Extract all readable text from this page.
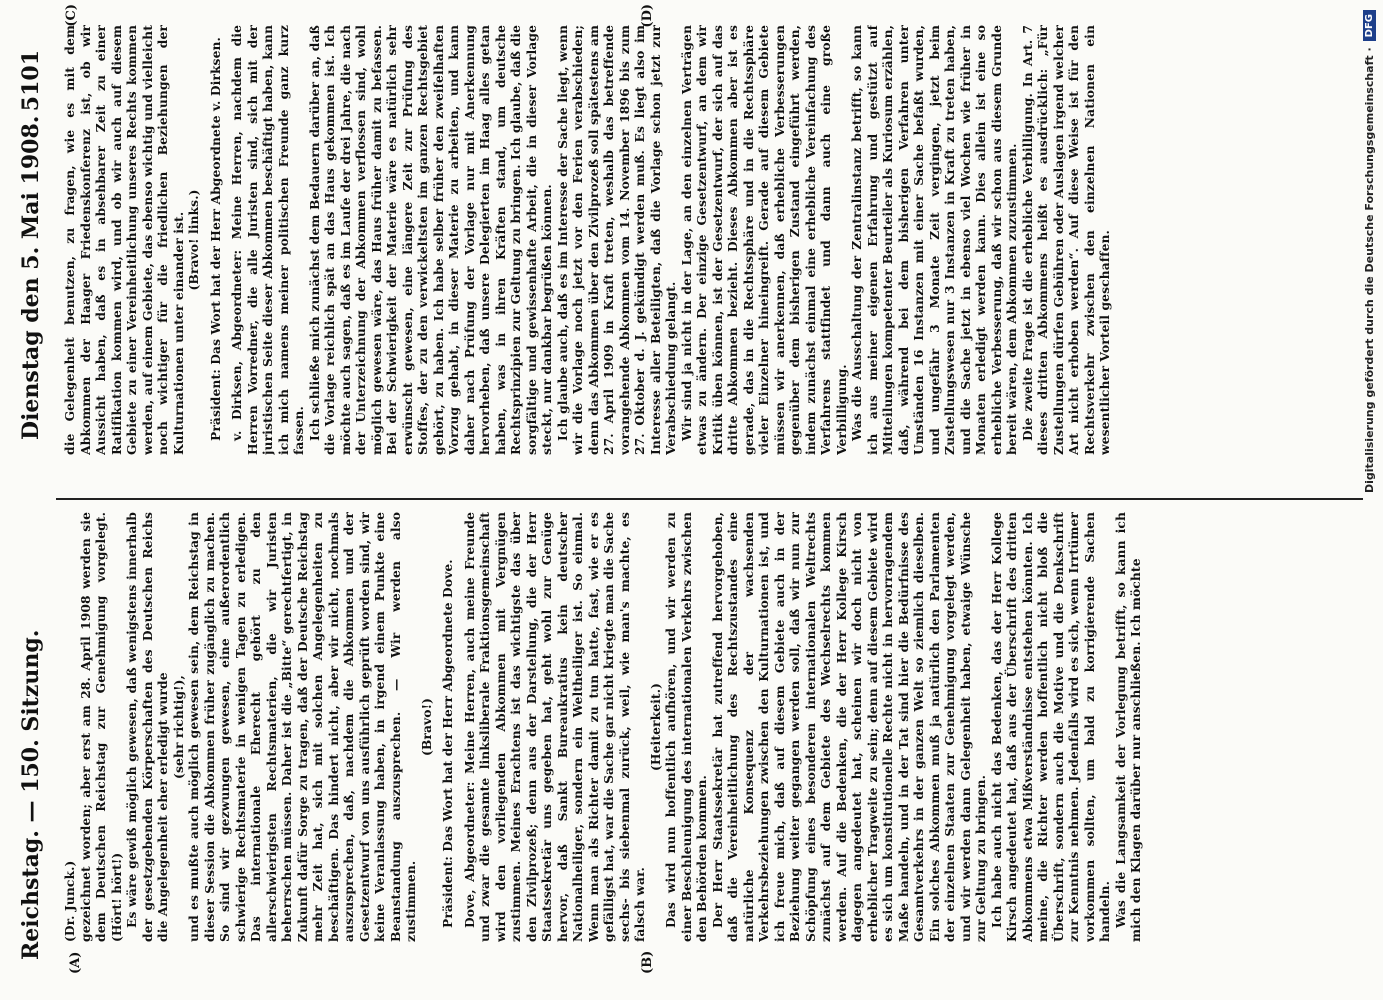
Reichstag. — 150. Sitzung.
Dienstag den 5. Mai 1908.
5101
(A)	(B)
(C)	(D)

(Dr. Junck.) gezeichnet worden; aber erst am 28. April 1908 werden sie dem Deutschen Reichstag zur Genehmigung vorgelegt. (Hört! hört!) Es wäre gewiß möglich gewesen, daß wenigstens innerhalb der gesetzgebenden Körperschaften des Deutschen Reichs die Angelegenheit eher erledigt wurde (sehr richtig!), und es mußte auch möglich gewesen sein, dem Reichstag in dieser Session die Abkommen früher zugänglich zu machen. So sind wir gezwungen gewesen, eine außerordentlich schwierige Rechtsmaterie in wenigen Tagen zu erledigen. Das internationale Eherecht gehört zu den allerschwierigsten Rechtsmaterien, die wir Juristen beherrschen müssen. Daher ist die „Bitte“ gerechtfertigt, in Zukunft dafür Sorge zu tragen, daß der Deutsche Reichstag mehr Zeit hat, sich mit solchen Angelegenheiten zu beschäftigen. Das hindert nicht, aber wir nicht, nochmals auszusprechen, daß, nachdem die Abkommen und der Gesetzentwurf von uns ausführlich geprüft worden sind, wir keine Veranlassung haben, in irgend einem Punkte eine Beanstandung auszusprechen. — Wir werden also zustimmen.

(Bravo!) Präsident: Das Wort hat der Herr Abgeordnete Dove. Dove, Abgeordneter: Meine Herren, auch meine Freunde und zwar die gesamte linksliberale Fraktionsgemeinschaft wird den vorliegenden Abkommen mit Vergnügen zustimmen. Meines Erachtens ist das wichtigste das über den Zivilprozeß; denn aus der Darstellung, die der Herr Staatssekretär uns gegeben hat, geht wohl zur Genüge hervor, daß Sankt Bureaukratius kein deutscher Nationalheiliger, sondern ein Weltheiliger ist. So einmal. Wenn man als Richter damit zu tun hatte, fast, wie er es gefälligst hat, war die Sache gar nicht kriegte man die Sache sechs- bis siebenmal zurück, weil, wie man's machte, es falsch war.

(Heiterkeit.) Das wird nun hoffentlich aufhören, und wir werden zu einer Beschleunigung des internationalen Verkehrs zwischen den Behörden kommen. Der Herr Staatssekretär hat zutreffend hervorgehoben, daß die Vereinheitlichung des Rechtszustandes eine natürliche Konsequenz der wachsenden Verkehrsbeziehungen zwischen den Kulturnationen ist, und ich freue mich, daß auf diesem Gebiete auch in der Beziehung weiter gegangen werden soll, daß wir nun zur Schöpfung eines besonderen internationalen Weltrechts zunächst auf dem Gebiete des Wechselrechts kommen werden. Auf die Bedenken, die der Herr Kollege Kirsch dagegen angedeutet hat, scheinen wir doch nicht von erheblicher Tragweite zu sein; denn auf diesem Gebiete wird es sich um konstitutionelle Rechte nicht in hervorragendem Maße handeln, und in der Tat sind hier die Bedürfnisse des Gesamtverkehrs in der ganzen Welt so ziemlich dieselben. Ein solches Abkommen muß ja natürlich den Parlamenten der einzelnen Staaten zur Genehmigung vorgelegt werden, und wir werden dann Gelegenheit haben, etwaige Wünsche zur Geltung zu bringen. Ich habe auch nicht das Bedenken, das der Herr Kollege Kirsch angedeutet hat, daß aus der Überschrift des dritten Abkommens etwa Mißverständnisse entstehen könnten. Ich meine, die Richter werden hoffentlich nicht bloß die Überschrift, sondern auch die Motive und die Denkschrift zur Kenntnis nehmen. Jedenfalls wird es sich, wenn Irrtümer vorkommen sollten, um bald zu korrigierende Sachen handeln. Was die Langsamkeit der Vorlegung betrifft, so kann ich mich den Klagen darüber nur anschließen. Ich möchte

die Gelegenheit benutzen, zu fragen, wie es mit dem Abkommen der Haager Friedenskonferenz ist, ob wir Aussicht haben, daß es in absehbarer Zeit zu einer Ratifikation kommen wird, und ob wir auch auf diesem Gebiete zu einer Vereinheitlichung unseres Rechts kommen werden, auf einem Gebiete, das ebenso wichtig und vielleicht noch wichtiger für die friedlichen Beziehungen der Kulturnationen unter einander ist. (Bravo! links.) Präsident: Das Wort hat der Herr Abgeordnete v. Dirksen. v. Dirksen, Abgeordneter: Meine Herren, nachdem die Herren Vorredner, die alle Juristen sind, sich mit der juristischen Seite dieser Abkommen beschäftigt haben, kann ich mich namens meiner politischen Freunde ganz kurz fassen. Ich schließe mich zunächst dem Bedauern darüber an, daß die Vorlage reichlich spät an das Haus gekommen ist. Ich möchte auch sagen, daß es im Laufe der drei Jahre, die nach der Unterzeichnung der Abkommen verflossen sind, wohl möglich gewesen wäre, das Haus früher damit zu befassen. Bei der Schwierigkeit der Materie wäre es natürlich sehr erwünscht gewesen, eine längere Zeit zur Prüfung des Stoffes, der zu den verwickeltsten im ganzen Rechtsgebiet gehört, zu haben. Ich habe selber früher den zweifelhaften Vorzug gehabt, in dieser Materie zu arbeiten, und kann daher nach Prüfung der Vorlage nur mit Anerkennung hervorheben, daß unsere Delegierten im Haag alles getan haben, was in ihren Kräften stand, um deutsche Rechtsprinzipien zur Geltung zu bringen. Ich glaube, daß die sorgfältige und gewissenhafte Arbeit, die in dieser Vorlage steckt, nur dankbar begrüßen können. Ich glaube auch, daß es im Interesse der Sache liegt, wenn wir die Vorlage noch jetzt vor den Ferien verabschieden; denn das Abkommen über den Zivilprozeß soll spätestens am 27. April 1909 in Kraft treten, weshalb das betreffende vorangehende Abkommen vom 14. November 1896 bis zum 27. Oktober d. J. gekündigt werden muß. Es liegt also im Interesse aller Beteiligten, daß die Vorlage schon jetzt zur Verabschiedung gelangt. Wir sind ja nicht in der Lage, an den einzelnen Verträgen etwas zu ändern. Der einzige Gesetzentwurf, an dem wir Kritik üben können, ist der Gesetzentwurf, der sich auf das dritte Abkommen bezieht. Dieses Abkommen aber ist es gerade, das in die Rechtssphäre und in die Rechtssphäre vieler Einzelner hineingreift. Gerade auf diesem Gebiete müssen wir anerkennen, daß erhebliche Verbesserungen gegenüber dem bisherigen Zustand eingeführt werden, indem zunächst einmal eine erhebliche Vereinfachung des Verfahrens stattfindet und dann auch eine große Verbilligung. Was die Ausschaltung der Zentralinstanz betrifft, so kann ich aus meiner eigenen Erfahrung und gestützt auf Mitteilungen kompetenter Beurteiler als Kuriosum erzählen, daß, während bei dem bisherigen Verfahren unter Umständen 16 Instanzen mit einer Sache befaßt wurden, und ungefähr 3 Monate Zeit vergingen, jetzt beim Zustellungswesen nur 3 Instanzen in Kraft zu treten haben, und die Sache jetzt in ebenso viel Wochen wie früher in Monaten erledigt werden kann. Dies allein ist eine so erhebliche Verbesserung, daß wir schon aus diesem Grunde bereit wären, dem Abkommen zuzustimmen. Die zweite Frage ist die erhebliche Verbilligung. In Art. 7 dieses dritten Abkommens heißt es ausdrücklich: „Für Zustellungen dürfen Gebühren oder Auslagen irgend welcher Art nicht erhoben werden“. Auf diese Weise ist für den Rechtsverkehr zwischen den einzelnen Nationen ein wesentlicher Vorteil geschaffen.	Digitalisierung gefördert durch die Deutsche Forschungsgemeinschaft ·
DFG
